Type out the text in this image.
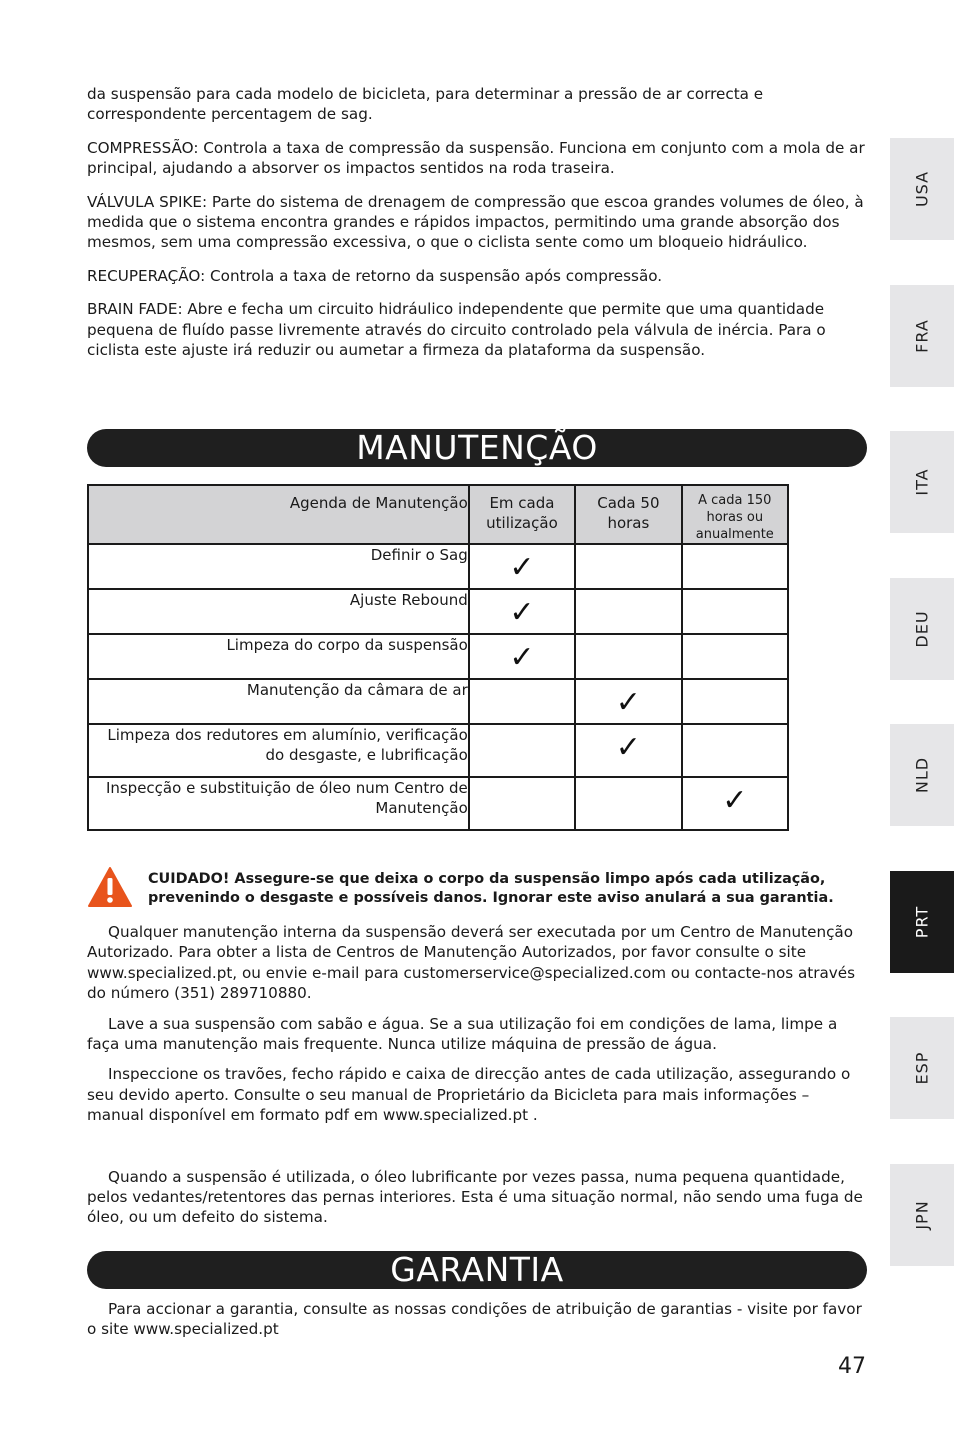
da suspensão para cada modelo de bicicleta, para determinar a pressão de ar correcta e correspondente percentagem de sag.

COMPRESSÃO: Controla a taxa de compressão da suspensão. Funciona em conjunto com a mola de ar principal, ajudando a absorver os impactos sentidos na roda traseira.

VÁLVULA SPIKE: Parte do sistema de drenagem de compressão que escoa grandes volumes de óleo, à medida que o sistema encontra grandes e rápidos impactos, permitindo uma grande absorção dos mesmos, sem uma compressão excessiva, o que o ciclista sente como um bloqueio hidráulico.

RECUPERAÇÃO: Controla a taxa de retorno da suspensão após compressão.

BRAIN FADE: Abre e fecha um circuito hidráulico independente que permite que uma quantidade pequena de fluído passe livremente através do circuito controlado pela válvula de inércia. Para o ciclista este ajuste irá reduzir ou aumetar a firmeza da plataforma da suspensão.

MANUTENÇÃO
Agenda de Manutenção	Em cada utilização	Cada 50 horas	A cada 150 horas ou anualmente
Definir o Sag	✓		
Ajuste Rebound	✓		
Limpeza do corpo da suspensão	✓		
Manutenção da câmara de ar		✓	
Limpeza dos redutores em alumínio, verificação do desgaste, e lubrificação		✓	
Inspecção e substituição de óleo num Centro de Manutenção			✓
CUIDADO! Assegure-se que deixa o corpo da suspensão limpo após cada utilização, prevenindo o desgaste e possíveis danos. Ignorar este aviso anulará a sua garantia.

Qualquer manutenção interna da suspensão deverá ser executada por um Centro de Manutenção Autorizado. Para obter a lista de Centros de Manutenção Autorizados, por favor consulte o site www.specialized.pt, ou envie e-mail para customerservice@specialized.com ou contacte-nos através do número (351) 289710880.

Lave a sua suspensão com sabão e água. Se a sua utilização foi em condições de lama, limpe a faça uma manutenção mais frequente. Nunca utilize máquina de pressão de água.

Inspeccione os travões, fecho rápido e caixa de direcção antes de cada utilização, assegurando o seu devido aperto. Consulte o seu manual de Proprietário da Bicicleta para mais informações – manual disponível em formato pdf em www.specialized.pt .

Quando a suspensão é utilizada, o óleo lubrificante por vezes passa, numa pequena quantidade, pelos vedantes/retentores das pernas interiores. Esta é uma situação normal, não sendo uma fuga de óleo, ou um defeito do sistema.

GARANTIA

Para accionar a garantia, consulte as nossas condições de atribuição de garantias - visite por favor o site www.specialized.pt

USA
FRA
ITA
DEU
NLD
PRT
ESP
JPN
47
